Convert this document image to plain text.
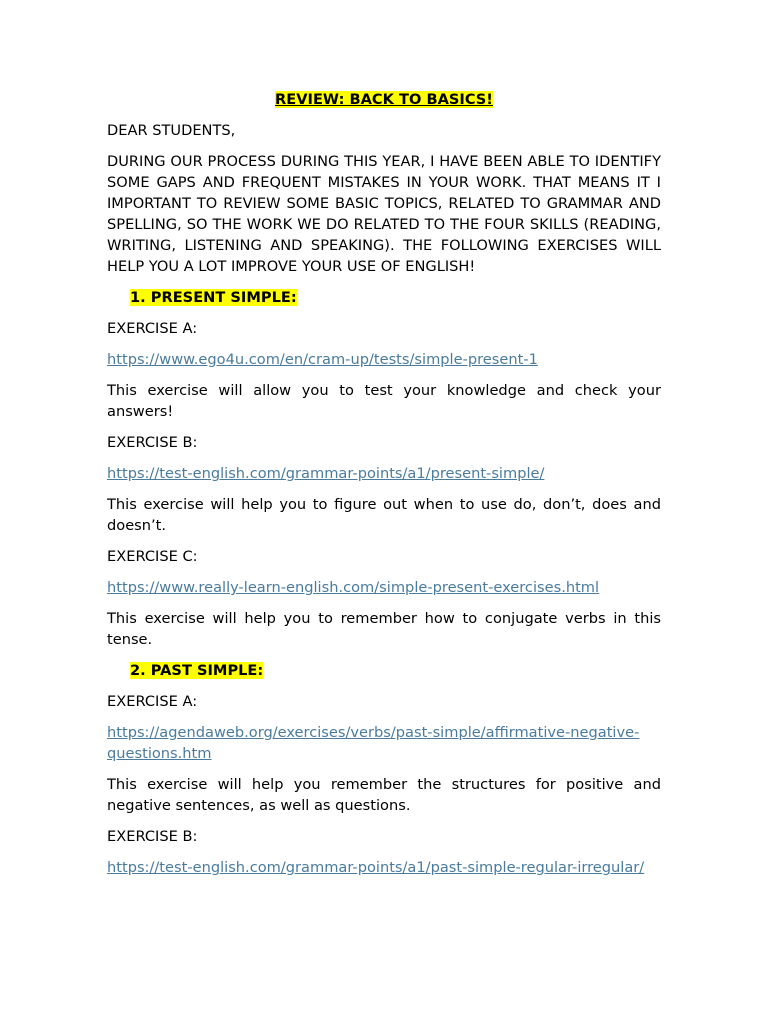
REVIEW: BACK TO BASICS!

DEAR STUDENTS,

DURING OUR PROCESS DURING THIS YEAR, I HAVE BEEN ABLE TO IDENTIFY SOME GAPS AND FREQUENT MISTAKES IN YOUR WORK. THAT MEANS IT I IMPORTANT TO REVIEW SOME BASIC TOPICS, RELATED TO GRAMMAR AND SPELLING, SO THE WORK WE DO RELATED TO THE FOUR SKILLS (READING, WRITING, LISTENING AND SPEAKING). THE FOLLOWING EXERCISES WILL HELP YOU A LOT IMPROVE YOUR USE OF ENGLISH!

1. PRESENT SIMPLE:

EXERCISE A:

https://www.ego4u.com/en/cram-up/tests/simple-present-1

This exercise will allow you to test your knowledge and check your answers!

EXERCISE B:

https://test-english.com/grammar-points/a1/present-simple/

This exercise will help you to figure out when to use do, don’t, does and doesn’t.

EXERCISE C:

https://www.really-learn-english.com/simple-present-exercises.html

This exercise will help you to remember how to conjugate verbs in this tense.

2. PAST SIMPLE:

EXERCISE A:

https://agendaweb.org/exercises/verbs/past-simple/affirmative-negative-
questions.htm

This exercise will help you remember the structures for positive and negative sentences, as well as questions.

EXERCISE B:

https://test-english.com/grammar-points/a1/past-simple-regular-irregular/
